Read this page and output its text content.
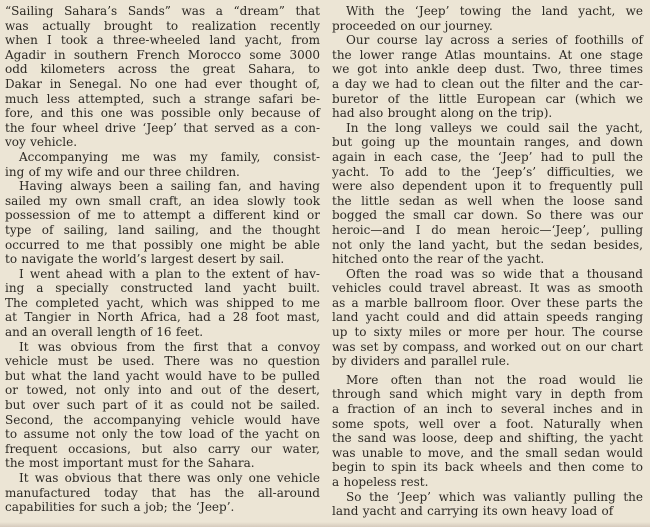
“Sailing Sahara’s Sands” was a “dream” that
was actually brought to realization recently
when I took a three-wheeled land yacht, from
Agadir in southern French Morocco some 3000
odd kilometers across the great Sahara, to
Dakar in Senegal. No one had ever thought of,
much less attempted, such a strange safari be-
fore, and this one was possible only because of
the four wheel drive ‘Jeep’ that served as a con-
voy vehicle.
Accompanying me was my family, consist-
ing of my wife and our three children.
Having always been a sailing fan, and having
sailed my own small craft, an idea slowly took
possession of me to attempt a different kind or
type of sailing, land sailing, and the thought
occurred to me that possibly one might be able
to navigate the world’s largest desert by sail.
I went ahead with a plan to the extent of hav-
ing a specially constructed land yacht built.
The completed yacht, which was shipped to me
at Tangier in North Africa, had a 28 foot mast,
and an overall length of 16 feet.
It was obvious from the first that a convoy
vehicle must be used. There was no question
but what the land yacht would have to be pulled
or towed, not only into and out of the desert,
but over such part of it as could not be sailed.
Second, the accompanying vehicle would have
to assume not only the tow load of the yacht on
frequent occasions, but also carry our water,
the most important must for the Sahara.
It was obvious that there was only one vehicle
manufactured today that has the all-around
capabilities for such a job; the ‘Jeep’.
With the ‘Jeep’ towing the land yacht, we
proceeded on our journey.
Our course lay across a series of foothills of
the lower range Atlas mountains. At one stage
we got into ankle deep dust. Two, three times
a day we had to clean out the filter and the car-
buretor of the little European car (which we
had also brought along on the trip).
In the long valleys we could sail the yacht,
but going up the mountain ranges, and down
again in each case, the ‘Jeep’ had to pull the
yacht. To add to the ‘Jeep’s’ difficulties, we
were also dependent upon it to frequently pull
the little sedan as well when the loose sand
bogged the small car down. So there was our
heroic—and I do mean heroic—‘Jeep’, pulling
not only the land yacht, but the sedan besides,
hitched onto the rear of the yacht.
Often the road was so wide that a thousand
vehicles could travel abreast. It was as smooth
as a marble ballroom floor. Over these parts the
land yacht could and did attain speeds ranging
up to sixty miles or more per hour. The course
was set by compass, and worked out on our chart
by dividers and parallel rule.
More often than not the road would lie
through sand which might vary in depth from
a fraction of an inch to several inches and in
some spots, well over a foot. Naturally when
the sand was loose, deep and shifting, the yacht
was unable to move, and the small sedan would
begin to spin its back wheels and then come to
a hopeless rest.
So the ‘Jeep’ which was valiantly pulling the
land yacht and carrying its own heavy load of
